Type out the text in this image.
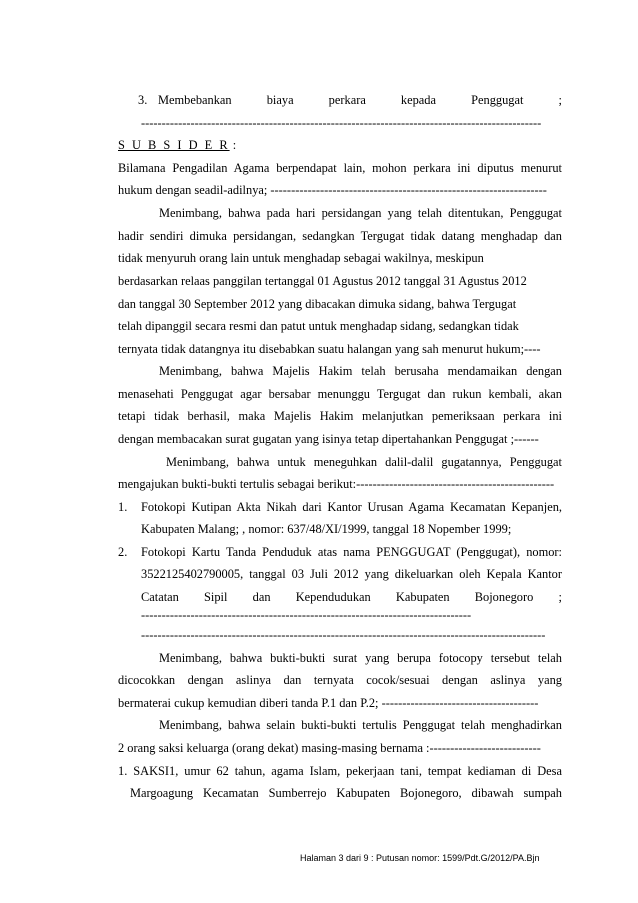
3. Membebankan	biaya	perkara	kepada	Penggugat	;
-------------------------------------------------------------------------------------------------
S U B S I D E R :
Bilamana Pengadilan Agama berpendapat lain, mohon perkara ini diputus menurut
hukum dengan seadil-adilnya; -------------------------------------------------------------------
Menimbang, bahwa pada hari persidangan yang telah ditentukan, Penggugat
hadir sendiri dimuka persidangan, sedangkan Tergugat tidak datang menghadap dan
tidak menyuruh orang lain untuk menghadap sebagai wakilnya, meskipun
berdasarkan relaas panggilan tertanggal 01 Agustus 2012 tanggal 31 Agustus 2012
dan tanggal 30 September 2012 yang dibacakan dimuka sidang, bahwa Tergugat
telah dipanggil secara resmi dan patut untuk menghadap sidang, sedangkan tidak
ternyata tidak datangnya itu disebabkan suatu halangan yang sah menurut hukum;----
Menimbang, bahwa Majelis Hakim telah berusaha mendamaikan dengan
menasehati Penggugat agar bersabar menunggu Tergugat dan rukun kembali, akan
tetapi tidak berhasil, maka Majelis Hakim melanjutkan pemeriksaan perkara ini
dengan membacakan surat gugatan yang isinya tetap dipertahankan Penggugat ;------
Menimbang, bahwa untuk meneguhkan dalil-dalil gugatannya, Penggugat
mengajukan bukti-bukti tertulis sebagai berikut:------------------------------------------------
1. Fotokopi Kutipan Akta Nikah dari Kantor Urusan Agama Kecamatan Kepanjen,
Kabupaten Malang; , nomor: 637/48/XI/1999, tanggal 18 Nopember 1999;
2. Fotokopi Kartu Tanda Penduduk atas nama PENGGUGAT (Penggugat), nomor:
3522125402790005, tanggal 03 Juli 2012 yang dikeluarkan oleh Kepala Kantor
Catatan Sipil dan Kependudukan Kabupaten Bojonegoro ;
--------------------------------------------------------------------------------
--------------------------------------------------------------------------------------------------
Menimbang, bahwa bukti-bukti surat yang berupa fotocopy tersebut telah
dicocokkan dengan aslinya dan ternyata cocok/sesuai dengan aslinya yang
bermaterai cukup kemudian diberi tanda P.1 dan P.2; --------------------------------------
Menimbang, bahwa selain bukti-bukti tertulis Penggugat telah menghadirkan
2 orang saksi keluarga (orang dekat) masing-masing bernama :---------------------------
1. SAKSI1, umur 62 tahun, agama Islam, pekerjaan tani, tempat kediaman di Desa
Margoagung Kecamatan Sumberrejo Kabupaten Bojonegoro, dibawah sumpah
Halaman 3 dari 9 : Putusan nomor: 1599/Pdt.G/2012/PA.Bjn
